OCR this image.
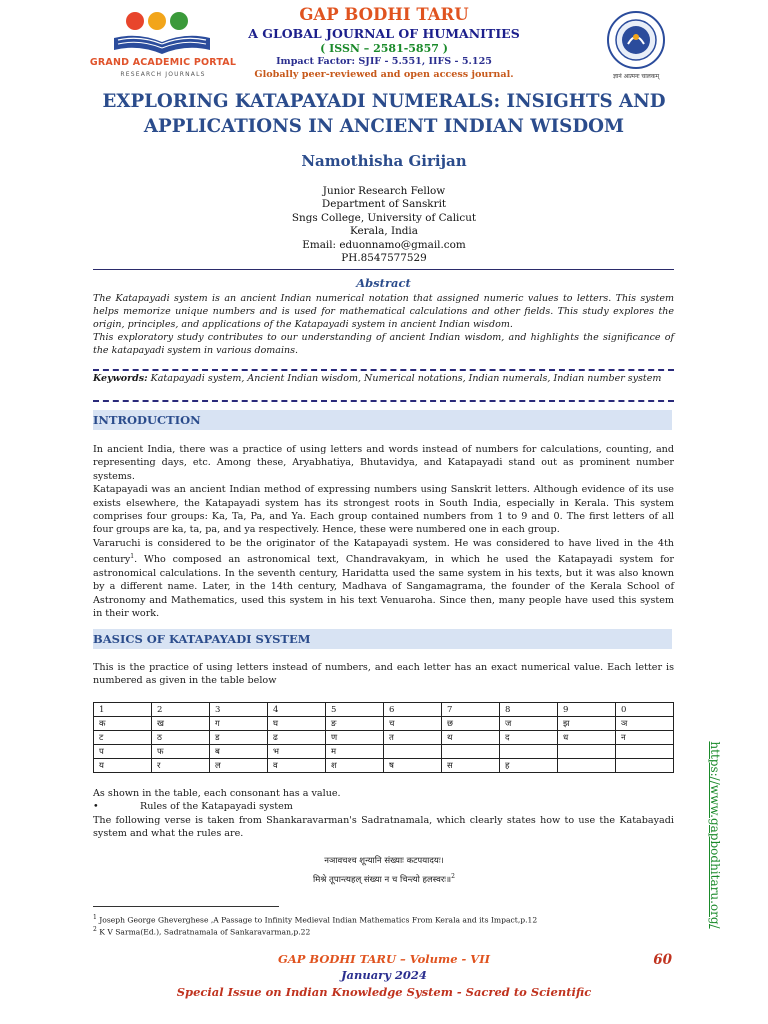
GRAND ACADEMIC PORTAL
RESEARCH JOURNALS
GAP BODHI TARU
A GLOBAL JOURNAL OF HUMANITIES
( ISSN – 2581-5857 )
Impact Factor: SJIF - 5.551, IIFS - 5.125
Globally peer-reviewed and open access journal.	ज्ञानं आत्मनः चालकम्
EXPLORING KATAPAYADI NUMERALS: INSIGHTS AND
APPLICATIONS IN ANCIENT INDIAN WISDOM
Namothisha Girijan
Junior Research Fellow
Department of Sanskrit
Sngs College, University of Calicut
Kerala, India
Email: eduonnamo@gmail.com
PH.8547577529
Abstract
The Katapayadi system is an ancient Indian numerical notation that assigned numeric values to letters. This system helps memorize unique numbers and is used for mathematical calculations and other fields. This study explores the origin, principles, and applications of the Katapayadi system in ancient Indian wisdom.
This exploratory study contributes to our understanding of ancient Indian wisdom, and highlights the significance of the katapayadi system in various domains.
Keywords: Katapayadi system, Ancient Indian wisdom, Numerical notations, Indian numerals, Indian number system
INTRODUCTION

In ancient India, there was a practice of using letters and words instead of numbers for calculations, counting, and representing days, etc. Among these, Aryabhatiya, Bhutavidya, and Katapayadi stand out as prominent number systems.

Katapayadi was an ancient Indian method of expressing numbers using Sanskrit letters. Although evidence of its use exists elsewhere, the Katapayadi system has its strongest roots in South India, especially in Kerala. This system comprises four groups: Ka, Ta, Pa, and Ya. Each group contained numbers from 1 to 9 and 0. The first letters of all four groups are ka, ta, pa, and ya respectively. Hence, these were numbered one in each group.

Vararuchi is considered to be the originator of the Katapayadi system. He was considered to have lived in the 4th century$^1$. Who composed an astronomical text, Chandravakyam, in which he used the Katapayadi system for astronomical calculations. In the seventh century, Haridatta used the same system in his texts, but it was also known by a different name. Later, in the 14th century, Madhava of Sangamagrama, the founder of the Kerala School of Astronomy and Mathematics, used this system in his text Venuaroha. Since then, many people have used this system in their work.

BASICS OF KATAPAYADI SYSTEM
This is the practice of using letters instead of numbers, and each letter has an exact numerical value. Each letter is numbered as given in the table below
1	2	3	4	5	6	7	8	9	0
क	ख	ग	घ	ङ	च	छ	ज	झ	ञ
ट	ठ	ड	ढ	ण	त	थ	द	ध	न
प	फ	ब	भ	म					
य	र	ल	व	श	ष	स	ह		
As shown in the table, each consonant has a value.
•	Rules of the Katapayadi system
The following verse is taken from Shankaravarman's Sadratnamala, which clearly states how to use the Katabayadi system and what the rules are.
नञावचश्च शून्यानि संख्याः कटपयादयः।
मिश्रे तूपान्त्यहल् संख्या न च चिन्त्यो हलस्वरः॥$^2$
$^1$ Joseph George Gheverghese ,A Passage to Infinity Medieval Indian Mathematics From Kerala and its Impact,p.12
$^2$ K V Sarma(Ed.), Sadratnamala of Sankaravarman,p.22
https://www.gapbodhitaru.org/
GAP BODHI TARU – Volume - VII
January 2024
Special Issue on Indian Knowledge System - Sacred to Scientific
60
